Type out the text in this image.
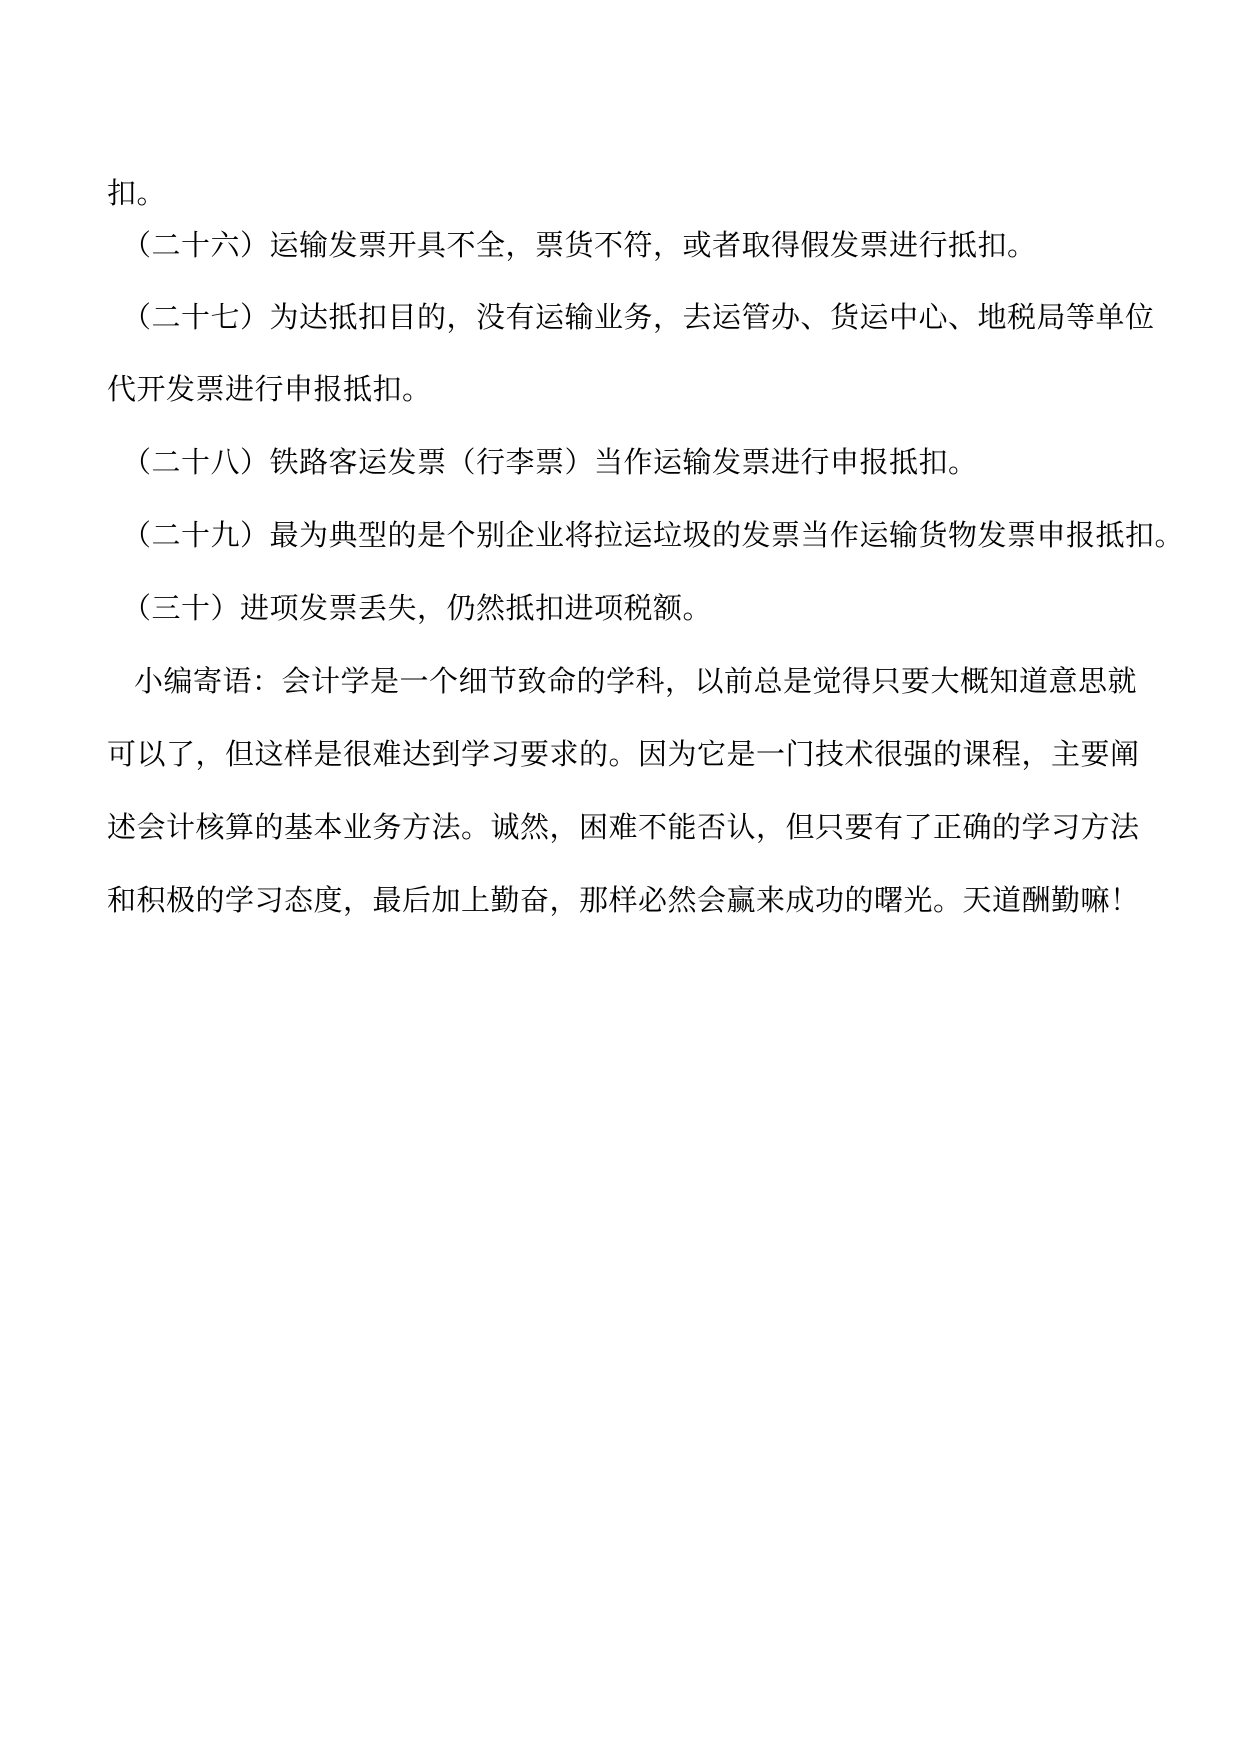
扣。
（二十六）运输发票开具不全，票货不符，或者取得假发票进行抵扣。
（二十七）为达抵扣目的，没有运输业务，去运管办、货运中心、地税局等单位
代开发票进行申报抵扣。
（二十八）铁路客运发票（行李票）当作运输发票进行申报抵扣。
（二十九）最为典型的是个别企业将拉运垃圾的发票当作运输货物发票申报抵扣。
（三十）进项发票丢失，仍然抵扣进项税额。
小编寄语：会计学是一个细节致命的学科，以前总是觉得只要大概知道意思就
可以了，但这样是很难达到学习要求的。因为它是一门技术很强的课程，主要阐
述会计核算的基本业务方法。诚然，困难不能否认，但只要有了正确的学习方法
和积极的学习态度，最后加上勤奋，那样必然会赢来成功的曙光。天道酬勤嘛！
